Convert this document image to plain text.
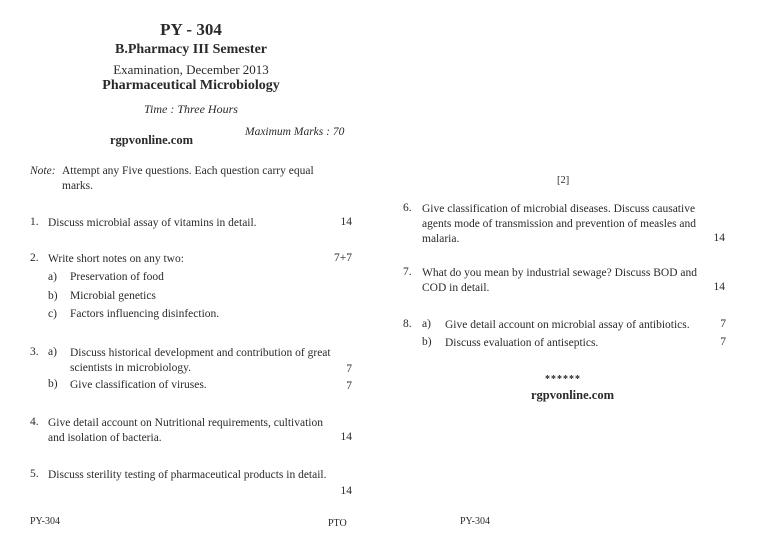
PY - 304
B.Pharmacy III Semester
Examination, December 2013
Pharmaceutical Microbiology
Time : Three Hours
rgpvonline.com
Maximum Marks : 70
Note: Attempt any Five questions. Each question carry equal
marks.
1. Discuss microbial assay of vitamins in detail.	14
2. Write short notes on any two:	7+7
a) Preservation of food
b) Microbial genetics
c) Factors influencing disinfection.
3. a) Discuss historical development and contribution of great
scientists in microbiology.	7
b) Give classification of viruses.	7
4. Give detail account on Nutritional requirements, cultivation
and isolation of bacteria.	14
5. Discuss sterility testing of pharmaceutical products in detail.
14
PY-304	PTO
[2]
6. Give classification of microbial diseases. Discuss causative
agents mode of transmission and prevention of measles and
malaria.	14
7. What do you mean by industrial sewage? Discuss BOD and
COD in detail.	14
8. a) Give detail account on microbial assay of antibiotics.	7
b) Discuss evaluation of antiseptics.	7
******
rgpvonline.com
PY-304
